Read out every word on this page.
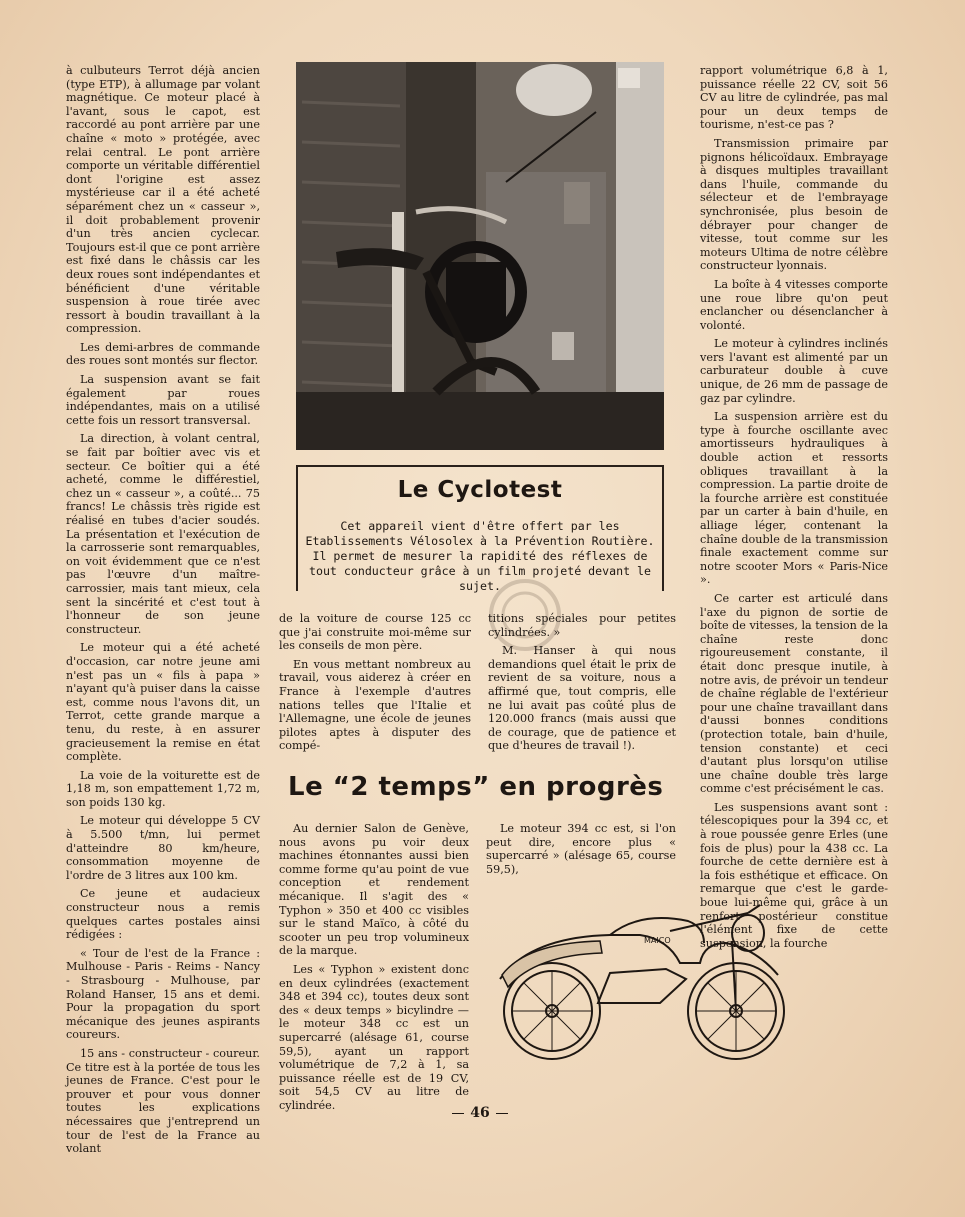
à culbuteurs Terrot déjà ancien (type ETP), à allumage par volant magnétique. Ce moteur placé à l'avant, sous le capot, est raccordé au pont arrière par une chaîne « moto » protégée, avec relai central. Le pont arrière comporte un véritable différentiel dont l'origine est assez mystérieuse car il a été acheté séparément chez un « casseur », il doit probablement provenir d'un très ancien cyclecar. Toujours est-il que ce pont arrière est fixé dans le châssis car les deux roues sont indépendantes et bénéficient d'une véritable suspension à roue tirée avec ressort à boudin travaillant à la compression.

Les demi-arbres de commande des roues sont montés sur flector.

La suspension avant se fait également par roues indépendantes, mais on a utilisé cette fois un ressort transversal.

La direction, à volant central, se fait par boîtier avec vis et secteur. Ce boîtier qui a été acheté, comme le différestiel, chez un « casseur », a coûté... 75 francs! Le châssis très rigide est réalisé en tubes d'acier soudés. La présentation et l'exécution de la carrosserie sont remarquables, on voit évidemment que ce n'est pas l'œuvre d'un maître-carrossier, mais tant mieux, cela sent la sincérité et c'est tout à l'honneur de son jeune constructeur.

Le moteur qui a été acheté d'occasion, car notre jeune ami n'est pas un « fils à papa » n'ayant qu'à puiser dans la caisse est, comme nous l'avons dit, un Terrot, cette grande marque a tenu, du reste, à en assurer gracieusement la remise en état complète.

La voie de la voiturette est de 1,18 m, son empattement 1,72 m, son poids 130 kg.

Le moteur qui développe 5 CV à 5.500 t/mn, lui permet d'atteindre 80 km/heure, consommation moyenne de l'ordre de 3 litres aux 100 km.

Ce jeune et audacieux constructeur nous a remis quelques cartes postales ainsi rédigées :

« Tour de l'est de la France : Mulhouse - Paris - Reims - Nancy - Strasbourg - Mulhouse, par Roland Hanser, 15 ans et demi. Pour la propagation du sport mécanique des jeunes aspirants coureurs.

15 ans - constructeur - coureur. Ce titre est à la portée de tous les jeunes de France. C'est pour le prouver et pour vous donner toutes les explications nécessaires que j'entreprend un tour de l'est de la France au volant

Le Cyclotest
Cet appareil vient d'être offert par les Etablissements Vélosolex à la Prévention Routière. Il permet de mesurer la rapidité des réflexes de tout conducteur grâce à un film projeté devant le sujet.

de la voiture de course 125 cc que j'ai construite moi-même sur les conseils de mon père.

En vous mettant nombreux au travail, vous aiderez à créer en France à l'exemple d'autres nations telles que l'Italie et l'Allemagne, une école de jeunes pilotes aptes à disputer des compé-

titions spéciales pour petites cylindrées. »

M. Hanser à qui nous demandions quel était le prix de revient de sa voiture, nous a affirmé que, tout compris, elle ne lui avait pas coûté plus de 120.000 francs (mais aussi que de courage, que de patience et que d'heures de travail !).

Le “2 temps” en progrès

Au dernier Salon de Genève, nous avons pu voir deux machines étonnantes aussi bien comme forme qu'au point de vue conception et rendement mécanique. Il s'agit des « Typhon » 350 et 400 cc visibles sur le stand Maïco, à côté du scooter un peu trop volumineux de la marque.

Les « Typhon » existent donc en deux cylindrées (exactement 348 et 394 cc), toutes deux sont des « deux temps » bicylindre — le moteur 348 cc est un supercarré (alésage 61, course 59,5), ayant un rapport volumétrique de 7,2 à 1, sa puissance réelle est de 19 CV, soit 54,5 CV au litre de cylindrée.

Le moteur 394 cc est, si l'on peut dire, encore plus « supercarré » (alésage 65, course 59,5),

rapport volumétrique 6,8 à 1, puissance réelle 22 CV, soit 56 CV au litre de cylindrée, pas mal pour un deux temps de tourisme, n'est-ce pas ?

Transmission primaire par pignons hélicoïdaux. Embrayage à disques multiples travaillant dans l'huile, commande du sélecteur et de l'embrayage synchronisée, plus besoin de débrayer pour changer de vitesse, tout comme sur les moteurs Ultima de notre célèbre constructeur lyonnais.

La boîte à 4 vitesses comporte une roue libre qu'on peut enclancher ou désenclancher à volonté.

Le moteur à cylindres inclinés vers l'avant est alimenté par un carburateur double à cuve unique, de 26 mm de passage de gaz par cylindre.

La suspension arrière est du type à fourche oscillante avec amortisseurs hydrauliques à double action et ressorts obliques travaillant à la compression. La partie droite de la fourche arrière est constituée par un carter à bain d'huile, en alliage léger, contenant la chaîne double de la transmission finale exactement comme sur notre scooter Mors « Paris-Nice ».

Ce carter est articulé dans l'axe du pignon de sortie de boîte de vitesses, la tension de la chaîne reste donc rigoureusement constante, il était donc presque inutile, à notre avis, de prévoir un tendeur de chaîne réglable de l'extérieur pour une chaîne travaillant dans d'aussi bonnes conditions (protection totale, bain d'huile, tension constante) et ceci d'autant plus lorsqu'on utilise une chaîne double très large comme c'est précisément le cas.

Les suspensions avant sont : télescopiques pour la 394 cc, et à roue poussée genre Erles (une fois de plus) pour la 438 cc. La fourche de cette dernière est à la fois esthétique et efficace. On remarque que c'est le garde-boue lui-même qui, grâce à un renfort postérieur constitue l'élément fixe de cette suspension, la fourche

MAICO
46
